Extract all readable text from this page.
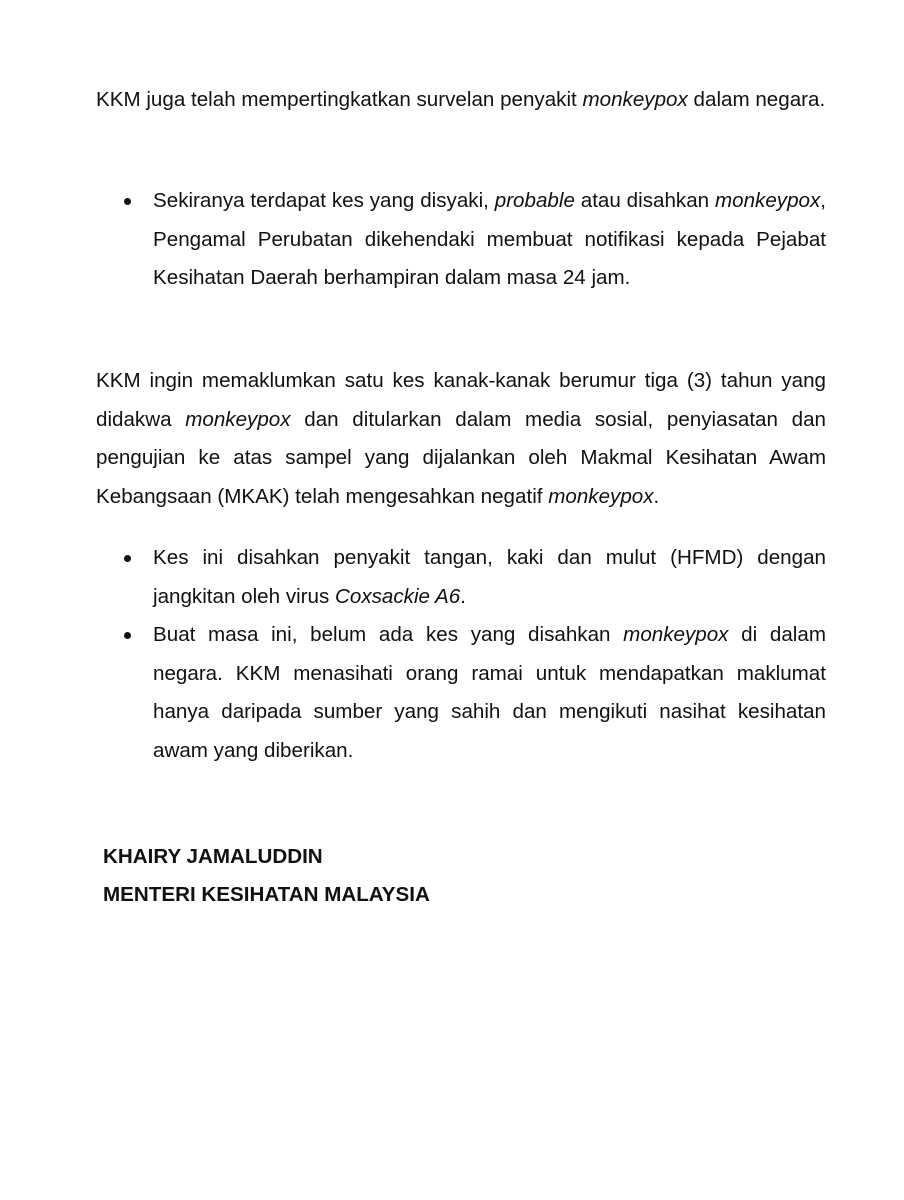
KKM juga telah mempertingkatkan survelan penyakit monkeypox dalam negara.

Sekiranya terdapat kes yang disyaki, probable atau disahkan monkeypox, Pengamal Perubatan dikehendaki membuat notifikasi kepada Pejabat Kesihatan Daerah berhampiran dalam masa 24 jam.

KKM ingin memaklumkan satu kes kanak-kanak berumur tiga (3) tahun yang didakwa monkeypox dan ditularkan dalam media sosial, penyiasatan dan pengujian ke atas sampel yang dijalankan oleh Makmal Kesihatan Awam Kebangsaan (MKAK) telah mengesahkan negatif monkeypox.

Kes ini disahkan penyakit tangan, kaki dan mulut (HFMD) dengan jangkitan oleh virus Coxsackie A6.
Buat masa ini, belum ada kes yang disahkan monkeypox di dalam negara. KKM menasihati orang ramai untuk mendapatkan maklumat hanya daripada sumber yang sahih dan mengikuti nasihat kesihatan awam yang diberikan.
KHAIRY JAMALUDDIN
MENTERI KESIHATAN MALAYSIA
